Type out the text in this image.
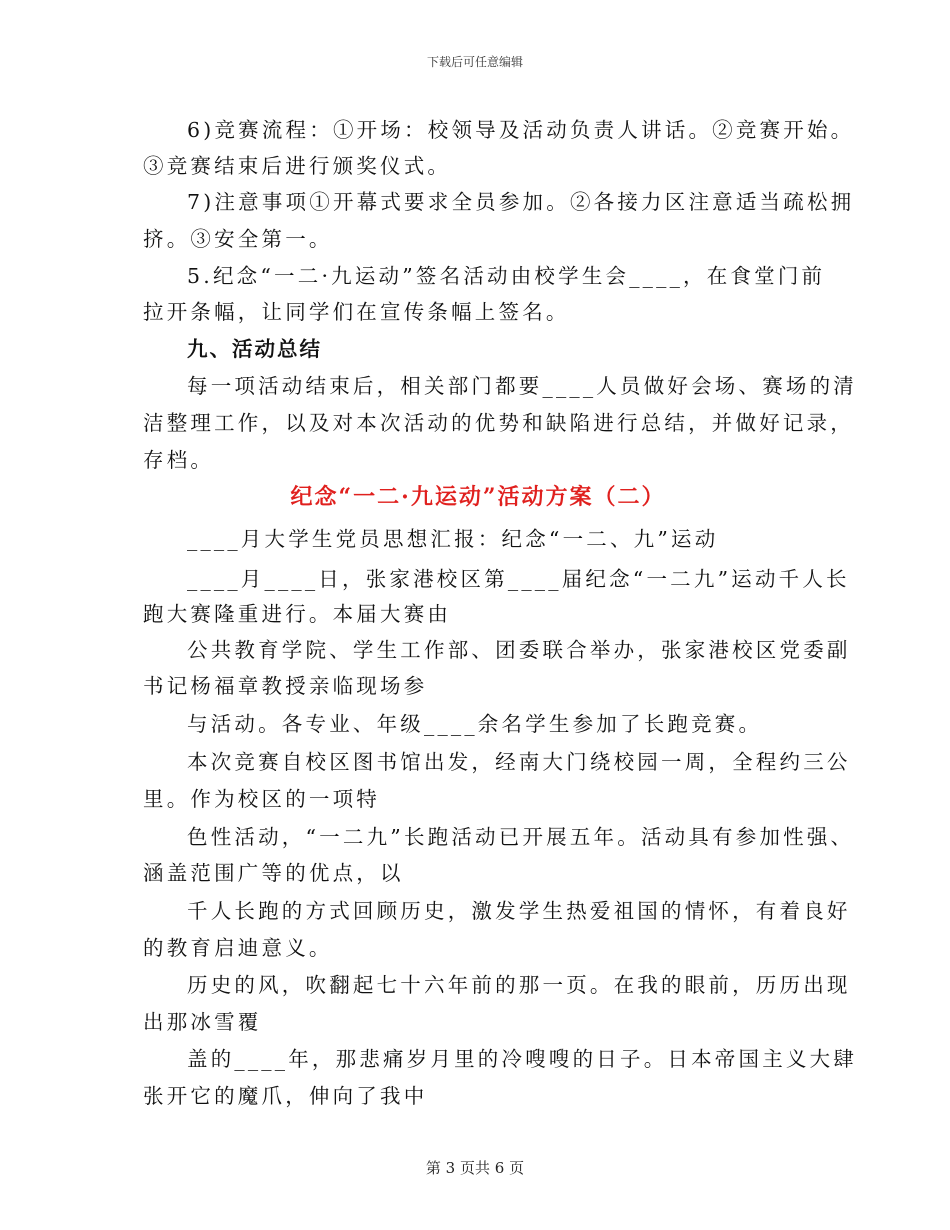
下载后可任意编辑
6)竞赛流程：①开场：校领导及活动负责人讲话。②竞赛开始。
③竞赛结束后进行颁奖仪式。
7)注意事项①开幕式要求全员参加。②各接力区注意适当疏松拥
挤。③安全第一。
5.纪念“一二·九运动”签名活动由校学生会____，在食堂门前
拉开条幅，让同学们在宣传条幅上签名。
九、活动总结
每一项活动结束后，相关部门都要____人员做好会场、赛场的清
洁整理工作，以及对本次活动的优势和缺陷进行总结，并做好记录，
存档。
纪念“一二·九运动”活动方案（二）
____月大学生党员思想汇报：纪念“一二、九”运动
____月____日，张家港校区第____届纪念“一二九”运动千人长
跑大赛隆重进行。本届大赛由
公共教育学院、学生工作部、团委联合举办，张家港校区党委副
书记杨福章教授亲临现场参
与活动。各专业、年级____余名学生参加了长跑竞赛。
本次竞赛自校区图书馆出发，经南大门绕校园一周，全程约三公
里。作为校区的一项特
色性活动，“一二九”长跑活动已开展五年。活动具有参加性强、
涵盖范围广等的优点，以
千人长跑的方式回顾历史，激发学生热爱祖国的情怀，有着良好
的教育启迪意义。
历史的风，吹翻起七十六年前的那一页。在我的眼前，历历出现
出那冰雪覆
盖的____年，那悲痛岁月里的冷嗖嗖的日子。日本帝国主义大肆
张开它的魔爪，伸向了我中
第 3 页共 6 页
